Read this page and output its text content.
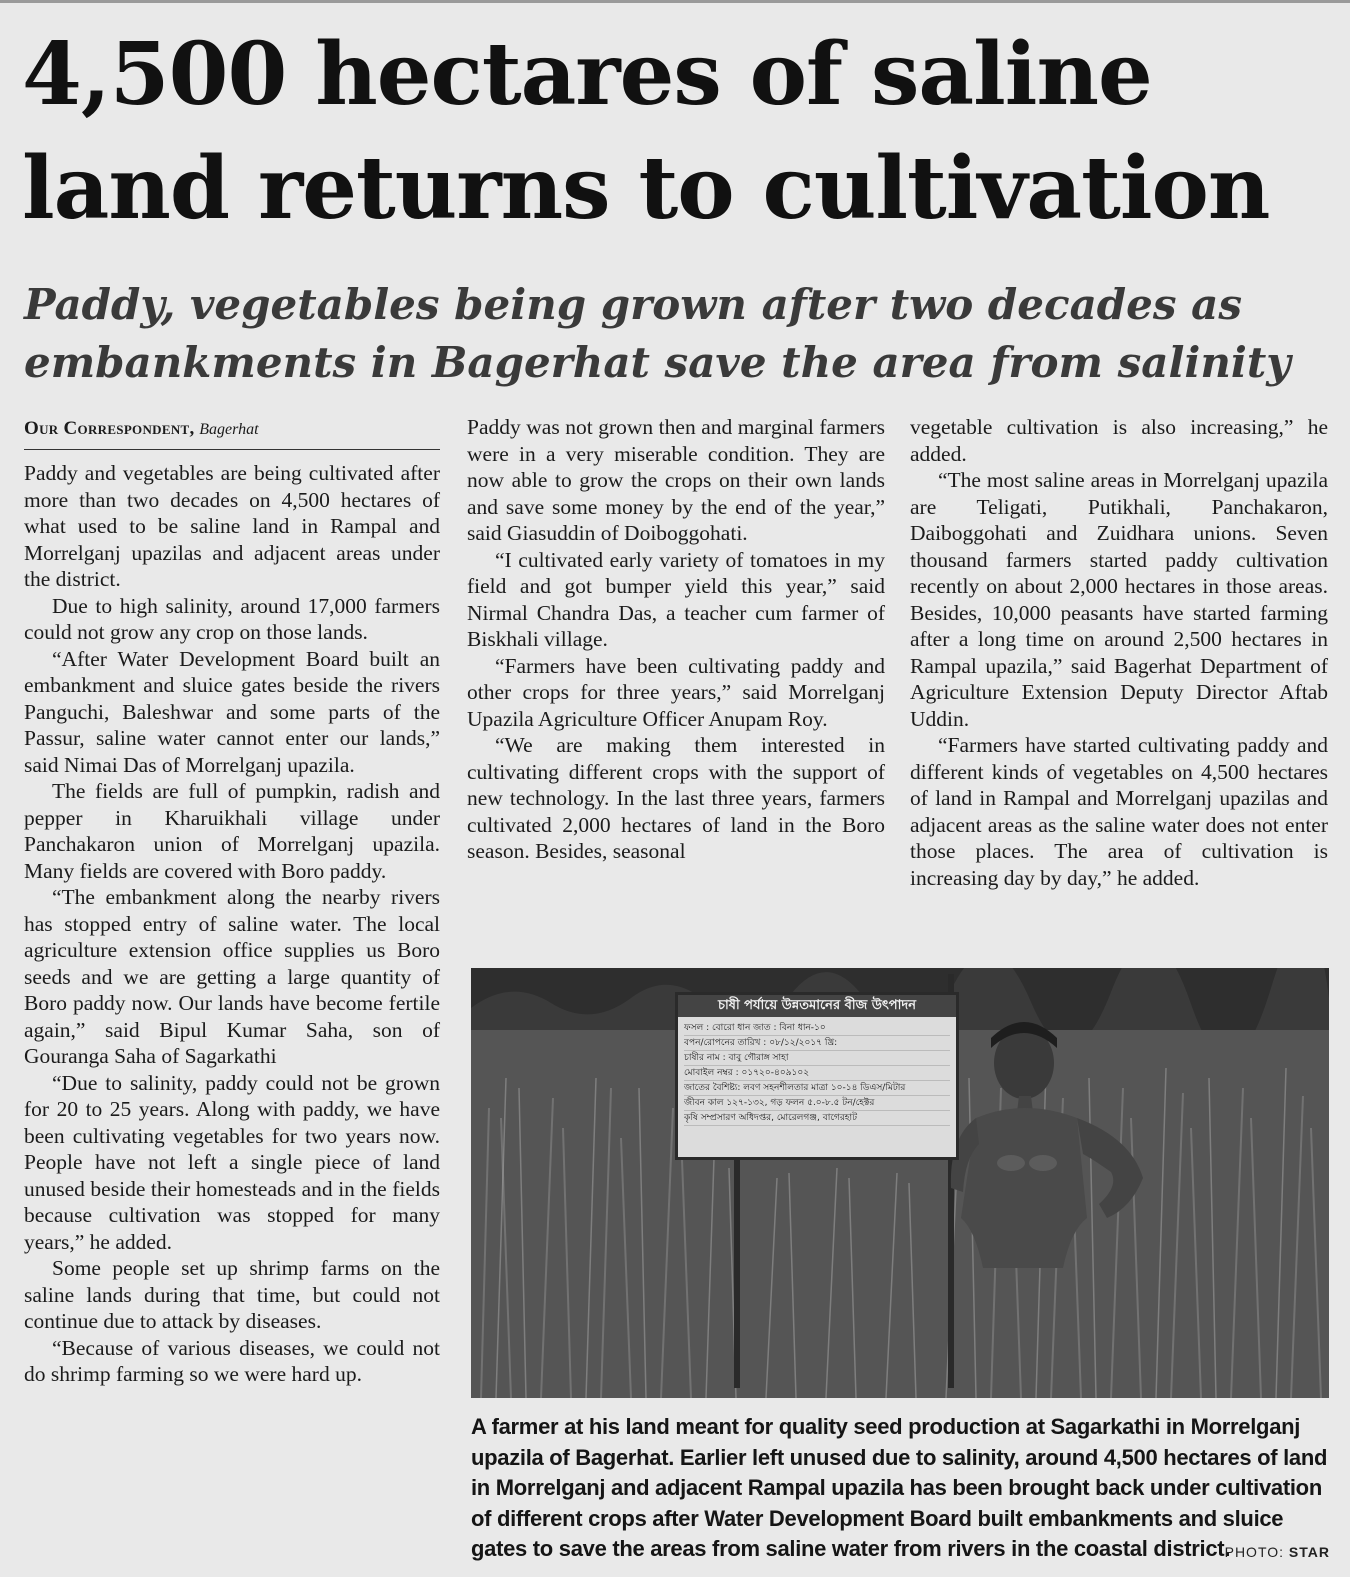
4,500 hectares of saline land returns to cultivation
Paddy, vegetables being grown after two decades as embankments in Bagerhat save the area from salinity
Our Correspondent, Bagerhat

Paddy and vegetables are being cultivated after more than two decades on 4,500 hectares of what used to be saline land in Rampal and Morrelganj upazilas and adjacent areas under the district.

Due to high salinity, around 17,000 farmers could not grow any crop on those lands.

“After Water Development Board built an embankment and sluice gates beside the rivers Panguchi, Baleshwar and some parts of the Passur, saline water cannot enter our lands,” said Nimai Das of Morrelganj upazila.

The fields are full of pumpkin, radish and pepper in Kharuikhali village under Panchakaron union of Morrelganj upazila. Many fields are covered with Boro paddy.

“The embankment along the nearby rivers has stopped entry of saline water. The local agriculture extension office supplies us Boro seeds and we are getting a large quantity of Boro paddy now. Our lands have become fertile again,” said Bipul Kumar Saha, son of Gouranga Saha of Sagarkathi

“Due to salinity, paddy could not be grown for 20 to 25 years. Along with paddy, we have been cultivating vegetables for two years now. People have not left a single piece of land unused beside their homesteads and in the fields because cultivation was stopped for many years,” he added.

Some people set up shrimp farms on the saline lands during that time, but could not continue due to attack by diseases.

“Because of various diseases, we could not do shrimp farming so we were hard up.

Paddy was not grown then and marginal farmers were in a very miserable condition. They are now able to grow the crops on their own lands and save some money by the end of the year,” said Giasuddin of Doiboggohati.

“I cultivated early variety of tomatoes in my field and got bumper yield this year,” said Nirmal Chandra Das, a teacher cum farmer of Biskhali village.

“Farmers have been cultivating paddy and other crops for three years,” said Morrelganj Upazila Agriculture Officer Anupam Roy.

“We are making them interested in cultivating different crops with the support of new technology. In the last three years, farmers cultivated 2,000 hectares of land in the Boro season. Besides, seasonal

vegetable cultivation is also increasing,” he added.

“The most saline areas in Morrelganj upazila are Teligati, Putikhali, Panchakaron, Daiboggohati and Zuidhara unions. Seven thousand farmers started paddy cultivation recently on about 2,000 hectares in those areas. Besides, 10,000 peasants have started farming after a long time on around 2,500 hectares in Rampal upazila,” said Bagerhat Department of Agriculture Extension Deputy Director Aftab Uddin.

“Farmers have started cultivating paddy and different kinds of vegetables on 4,500 hectares of land in Rampal and Morrelganj upazilas and adjacent areas as the saline water does not enter those places. The area of cultivation is increasing day by day,” he added.

চাষী পর্যায়ে উন্নতমানের বীজ উৎপাদন
ফসল : বোরো ধান জাত : বিনা ধান-১০
বপন/রোপনের তারিখ : ০৮/১২/২০১৭ খ্রি:
চাষীর নাম : বাবু গৌরাঙ্গ সাহা
মোবাইল নম্বর : ০১৭২০-৪০৯১০২
জাতের বৈশিষ্ট্য: লবণ সহনশীলতার মাত্রা ১০-১৪ ডিএস/মিটার
জীবন কাল ১২৭-১৩২, গড় ফলন ৫.০-৮.৫ টন/হেক্টর
কৃষি সম্প্রসারণ অধিদপ্তর, মোরেলগঞ্জ, বাগেরহাট

A farmer at his land meant for quality seed production at Sagarkathi in Morrelganj upazila of Bagerhat. Earlier left unused due to salinity, around 4,500 hectares of land in Morrelganj and adjacent Rampal upazila has been brought back under cultivation of different crops after Water Development Board built embankments and sluice gates to save the areas from saline water from rivers in the coastal district.

PHOTO: STAR
